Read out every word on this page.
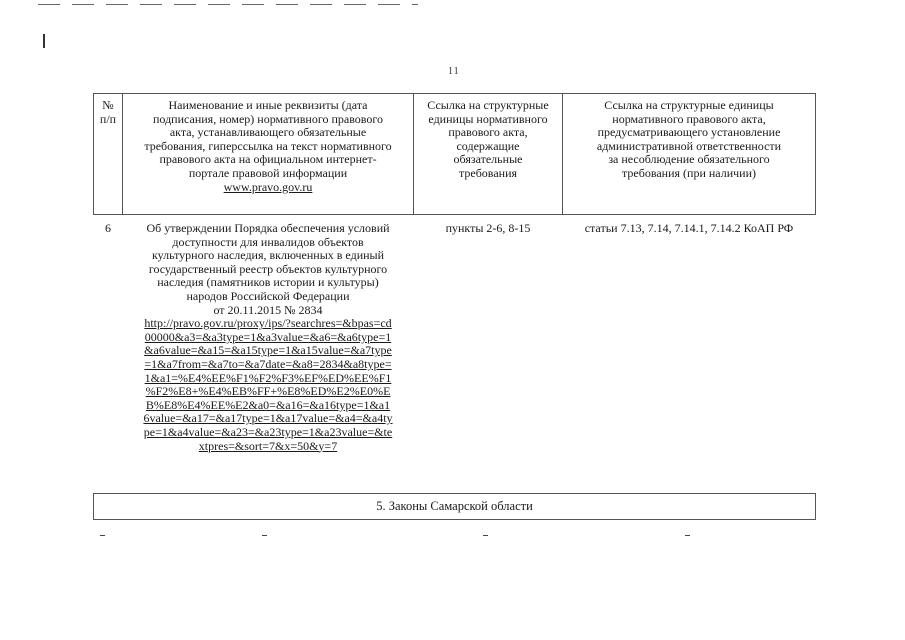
11
№
п/п
Наименование и иные реквизиты (дата
подписания, номер) нормативного правового
акта, устанавливающего обязательные
требования, гиперссылка на текст нормативного
правового акта на официальном интернет-
портале правовой информации
www.pravo.gov.ru
Ссылка на структурные
единицы нормативного
правового акта,
содержащие
обязательные
требования
Ссылка на структурные единицы
нормативного правового акта,
предусматривающего установление
административной ответственности
за несоблюдение обязательного
требования (при наличии)
6	Об утверждении Порядка обеспечения условий
доступности для инвалидов объектов
культурного наследия, включенных в единый
государственный реестр объектов культурного
наследия (памятников истории и культуры)
народов Российской Федерации
от 20.11.2015 № 2834
http://pravo.gov.ru/proxy/ips/?searchres=&bpas=cd
00000&a3=&a3type=1&a3value=&a6=&a6type=1
&a6value=&a15=&a15type=1&a15value=&a7type
=1&a7from=&a7to=&a7date=&a8=2834&a8type=
1&a1=%E4%EE%F1%F2%F3%EF%ED%EE%F1
%F2%E8+%E4%EB%FF+%E8%ED%E2%E0%E
B%E8%E4%EE%E2&a0=&a16=&a16type=1&a1
6value=&a17=&a17type=1&a17value=&a4=&a4ty
pe=1&a4value=&a23=&a23type=1&a23value=&te
xtpres=&sort=7&x=50&y=7
пункты 2-6, 8-15	статьи 7.13, 7.14, 7.14.1, 7.14.2 КоАП РФ
5. Законы Самарской области
